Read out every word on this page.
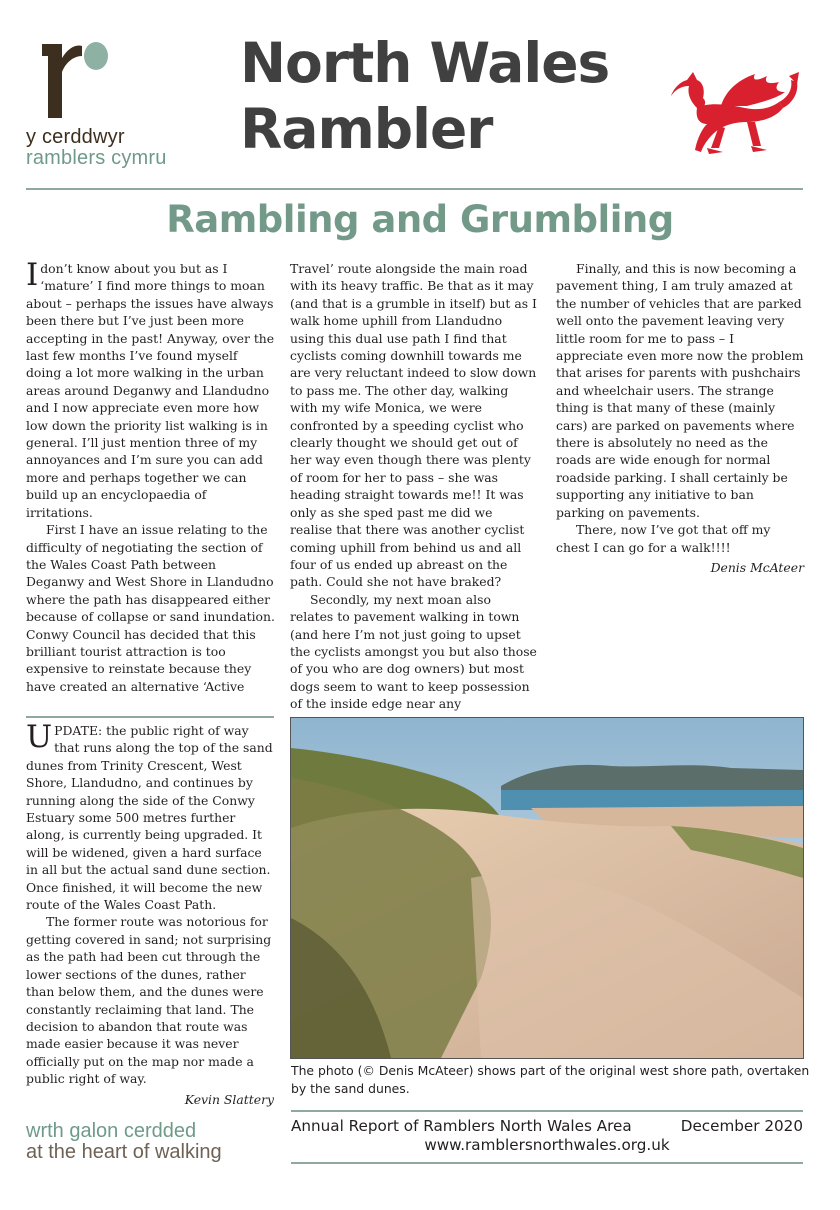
y cerddwyr
ramblers cymru
North Wales
Rambler
Rambling and Grumbling

Idon’t know about you but as I ‘mature’ I find more things to moan about – perhaps the issues have always been there but I’ve just been more accepting in the past! Anyway, over the last few months I’ve found myself doing a lot more walking in the urban areas around Deganwy and Llandudno and I now appreciate even more how low down the priority list walking is in general. I’ll just mention three of my annoyances and I’m sure you can add more and perhaps together we can build up an encyclopaedia of irritations.

First I have an issue relating to the difficulty of negotiating the section of the Wales Coast Path between Deganwy and West Shore in Llandudno where the path has disappeared either because of collapse or sand inundation. Conwy Council has decided that this brilliant tourist attraction is too expensive to reinstate because they have created an alternative ‘Active

Travel’ route alongside the main road with its heavy traffic. Be that as it may (and that is a grumble in itself) but as I walk home uphill from Llandudno using this dual use path I find that cyclists coming downhill towards me are very reluctant indeed to slow down to pass me. The other day, walking with my wife Monica, we were confronted by a speeding cyclist who clearly thought we should get out of her way even though there was plenty of room for her to pass – she was heading straight towards me!! It was only as she sped past me did we realise that there was another cyclist coming uphill from behind us and all four of us ended up abreast on the path. Could she not have braked?

Secondly, my next moan also relates to pavement walking in town (and here I’m not just going to upset the cyclists amongst you but also those of you who are dog owners) but most dogs seem to want to keep possession of the inside edge near any

Finally, and this is now becoming a pavement thing, I am truly amazed at the number of vehicles that are parked well onto the pavement leaving very little room for me to pass – I appreciate even more now the problem that arises for parents with pushchairs and wheelchair users. The strange thing is that many of these (mainly cars) are parked on pavements where there is absolutely no need as the roads are wide enough for normal roadside parking. I shall certainly be supporting any initiative to ban parking on pavements.

There, now I’ve got that off my chest I can go for a walk!!!!

Denis McAteer

UPDATE: the public right of way that runs along the top of the sand dunes from Trinity Crescent, West Shore, Llandudno, and continues by running along the side of the Conwy Estuary some 500 metres further along, is currently being upgraded. It will be widened, given a hard surface in all but the actual sand dune section. Once finished, it will become the new route of the Wales Coast Path.

The former route was notorious for getting covered in sand; not surprising as the path had been cut through the lower sections of the dunes, rather than below them, and the dunes were constantly reclaiming that land. The decision to abandon that route was made easier because it was never officially put on the map nor made a public right of way.

Kevin Slattery
The photo (© Denis McAteer) shows part of the original west shore path, overtaken by the sand dunes.
wrth galon cerdded
at the heart of walking
Annual Report of Ramblers North Wales Area	December 2020
www.ramblersnorthwales.org.uk
